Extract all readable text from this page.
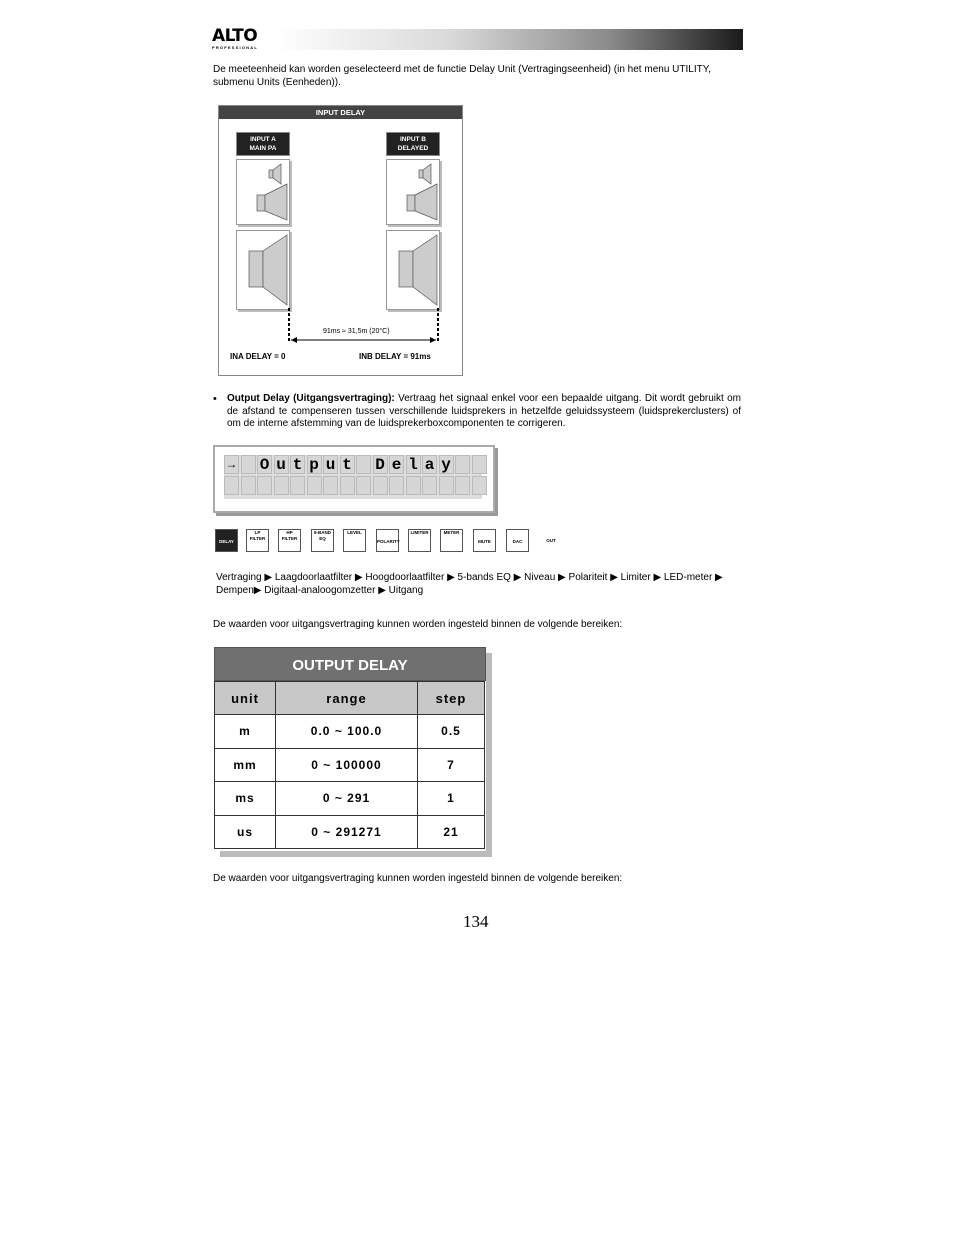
ALTO
PROFESSIONAL
De meeteenheid kan worden geselecteerd met de functie Delay Unit (Vertragingseenheid) (in het menu UTILITY, submenu Units (Eenheden)).
INPUT DELAY
INPUT A
MAIN PA
INPUT B
DELAYED
91ms ≈ 31,5m (20°C)
INA DELAY = 0	INB DELAY = 91ms
• Output Delay (Uitgangsvertraging): Vertraag het signaal enkel voor een bepaalde uitgang. Dit wordt gebruikt om de afstand te compenseren tussen verschillende luidsprekers in hetzelfde geluidssysteem (luidsprekerclusters) of om de interne afstemming van de luidsprekerboxcomponenten te corrigeren.
→ O u t p u t D e l a y
DELAY
LP FILTER
HP FILTER
5-BAND EQ
LEVEL
POLARITY
LIMITER	METER
MUTE	DAC	OUT
Vertraging ▶ Laagdoorlaatfilter ▶ Hoogdoorlaatfilter ▶ 5-bands EQ ▶ Niveau ▶ Polariteit ▶ Limiter ▶ LED-meter ▶ Dempen▶ Digitaal-analoogomzetter ▶ Uitgang
De waarden voor uitgangsvertraging kunnen worden ingesteld binnen de volgende bereiken:
OUTPUT DELAY
unit	range	step
m	0.0 ~ 100.0	0.5
mm	0 ~ 100000	7
ms	0 ~ 291	1
us	0 ~ 291271	21
De waarden voor uitgangsvertraging kunnen worden ingesteld binnen de volgende bereiken:
134
